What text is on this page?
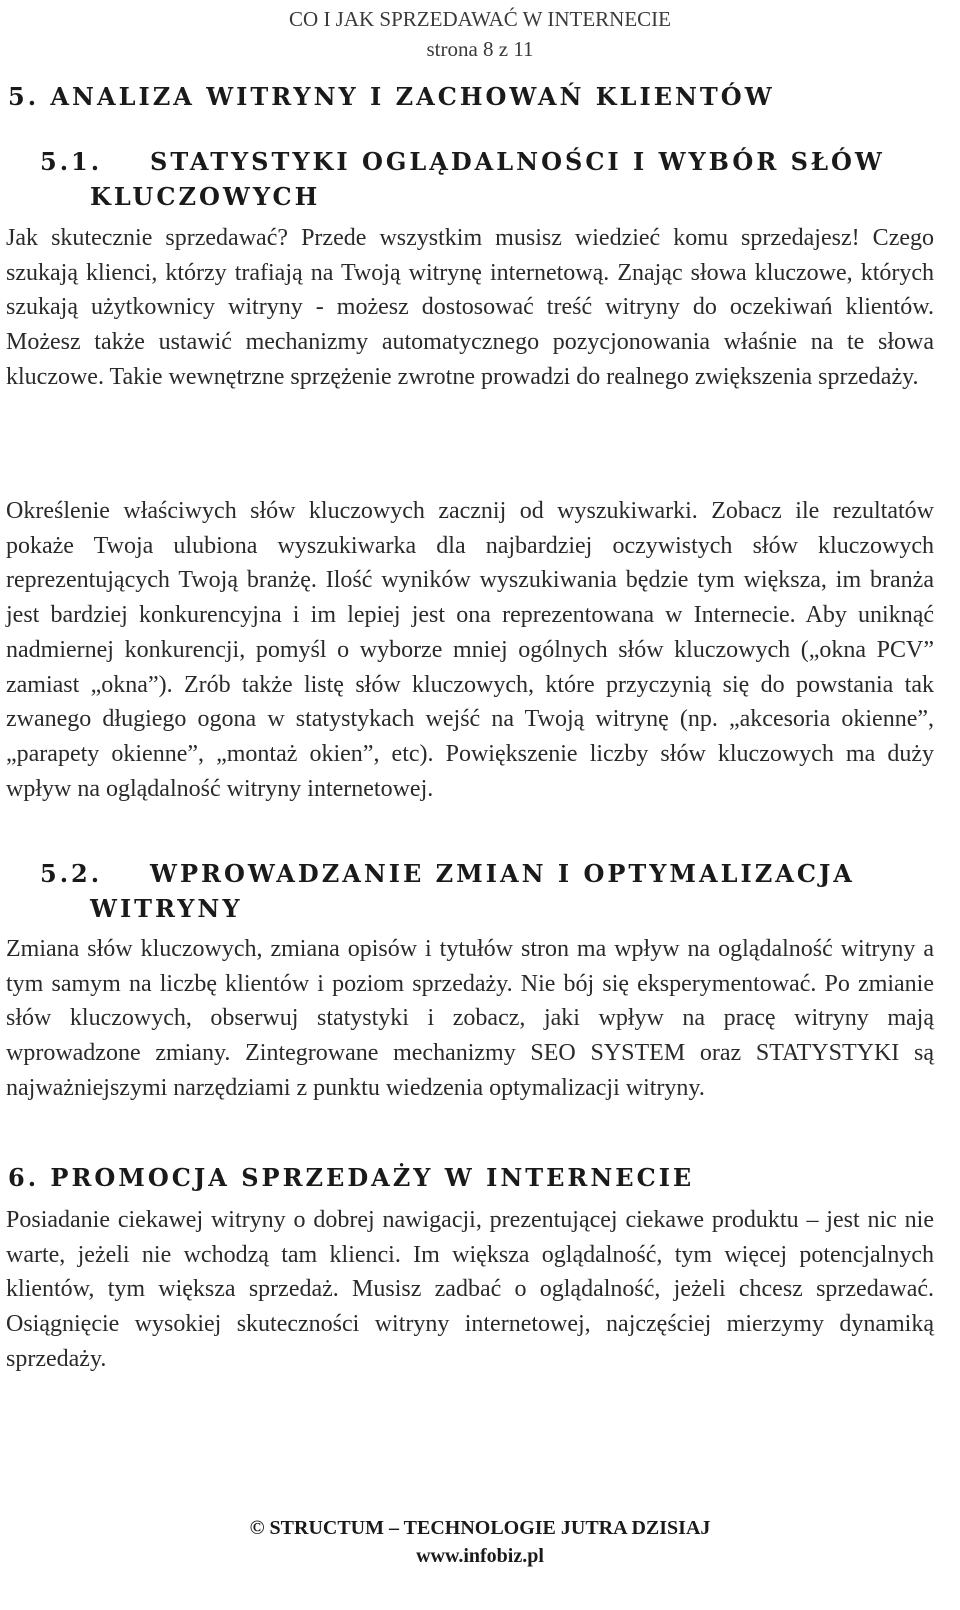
CO I JAK SPRZEDAWAĆ W INTERNECIE
strona 8 z 11
5. ANALIZA WITRYNY I ZACHOWAŃ KLIENTÓW
5.1. STATYSTYKI OGLĄDALNOŚCI I WYBÓR SŁÓW
KLUCZOWYCH

Jak skutecznie sprzedawać? Przede wszystkim musisz wiedzieć komu sprzedajesz! Czego szukają klienci, którzy trafiają na Twoją witrynę internetową. Znając słowa kluczowe, których szukają użytkownicy witryny - możesz dostosować treść witryny do oczekiwań klientów. Możesz także ustawić mechanizmy automatycznego pozycjonowania właśnie na te słowa kluczowe. Takie wewnętrzne sprzężenie zwrotne prowadzi do realnego zwiększenia sprzedaży.

Określenie właściwych słów kluczowych zacznij od wyszukiwarki. Zobacz ile rezultatów pokaże Twoja ulubiona wyszukiwarka dla najbardziej oczywistych słów kluczowych reprezentujących Twoją branżę. Ilość wyników wyszukiwania będzie tym większa, im branża jest bardziej konkurencyjna i im lepiej jest ona reprezentowana w Internecie. Aby uniknąć nadmiernej konkurencji, pomyśl o wyborze mniej ogólnych słów kluczowych („okna PCV” zamiast „okna”). Zrób także listę słów kluczowych, które przyczynią się do powstania tak zwanego długiego ogona w statystykach wejść na Twoją witrynę (np. „akcesoria okienne”, „parapety okienne”, „montaż okien”, etc). Powiększenie liczby słów kluczowych ma duży wpływ na oglądalność witryny internetowej.

5.2. WPROWADZANIE ZMIAN I OPTYMALIZACJA
WITRYNY

Zmiana słów kluczowych, zmiana opisów i tytułów stron ma wpływ na oglądalność witryny a tym samym na liczbę klientów i poziom sprzedaży. Nie bój się eksperymentować. Po zmianie słów kluczowych, obserwuj statystyki i zobacz, jaki wpływ na pracę witryny mają wprowadzone zmiany. Zintegrowane mechanizmy SEO SYSTEM oraz STATYSTYKI są najważniejszymi narzędziami z punktu wiedzenia optymalizacji witryny.

6. PROMOCJA SPRZEDAŻY W INTERNECIE

Posiadanie ciekawej witryny o dobrej nawigacji, prezentującej ciekawe produktu – jest nic nie warte, jeżeli nie wchodzą tam klienci. Im większa oglądalność, tym więcej potencjalnych klientów, tym większa sprzedaż. Musisz zadbać o oglądalność, jeżeli chcesz sprzedawać. Osiągnięcie wysokiej skuteczności witryny internetowej, najczęściej mierzymy dynamiką sprzedaży.

© STRUCTUM – TECHNOLOGIE JUTRA DZISIAJ
www.infobiz.pl
